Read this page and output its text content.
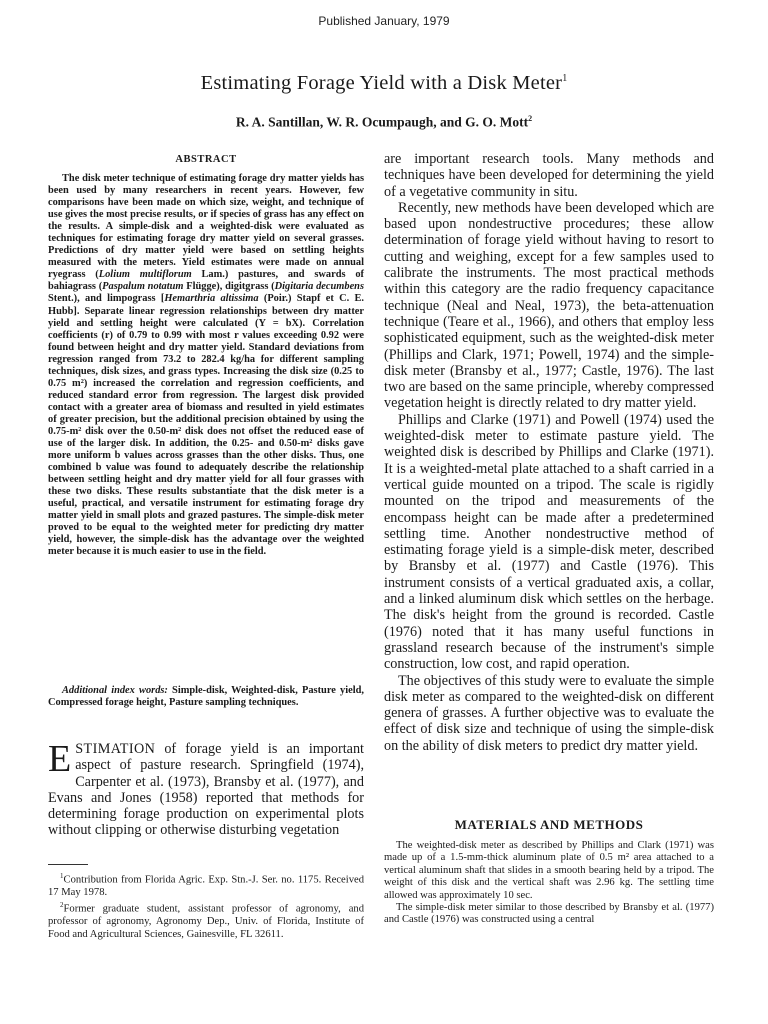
Published January, 1979
Estimating Forage Yield with a Disk Meter$^1$
R. A. Santillan, W. R. Ocumpaugh, and G. O. Mott$^2$
ABSTRACT
The disk meter technique of estimating forage dry matter yields has been used by many researchers in recent years. However, few comparisons have been made on which size, weight, and technique of use gives the most precise results, or if species of grass has any effect on the results. A simple-disk and a weighted-disk were evaluated as techniques for estimating forage dry matter yield on several grasses. Predictions of dry matter yield were based on settling heights measured with the meters. Yield estimates were made on annual ryegrass (Lolium multiflorum Lam.) pastures, and swards of bahiagrass (Paspalum notatum Flügge), digitgrass (Digitaria decumbens Stent.), and limpograss [Hemarthria altissima (Poir.) Stapf et C. E. Hubb]. Separate linear regression relationships between dry matter yield and settling height were calculated (Y = bX). Correlation coefficients (r) of 0.79 to 0.99 with most r values exceeding 0.92 were found between height and dry matter yield. Standard deviations from regression ranged from 73.2 to 282.4 kg/ha for different sampling techniques, disk sizes, and grass types. Increasing the disk size (0.25 to 0.75 m²) increased the correlation and regression coefficients, and reduced standard error from regression. The largest disk provided contact with a greater area of biomass and resulted in yield estimates of greater precision, but the additional precision obtained by using the 0.75-m² disk over the 0.50-m² disk does not offset the reduced ease of use of the larger disk. In addition, the 0.25- and 0.50-m² disks gave more uniform b values across grasses than the other disks. Thus, one combined b value was found to adequately describe the relationship between settling height and dry matter yield for all four grasses with these two disks. These results substantiate that the disk meter is a useful, practical, and versatile instrument for estimating forage dry matter yield in small plots and grazed pastures. The simple-disk meter proved to be equal to the weighted meter for predicting dry matter yield, however, the simple-disk has the advantage over the weighted meter because it is much easier to use in the field.
Additional index words: Simple-disk, Weighted-disk, Pasture yield, Compressed forage height, Pasture sampling techniques.
ESTIMATION of forage yield is an important aspect of pasture research. Springfield (1974), Carpenter et al. (1973), Bransby et al. (1977), and Evans and Jones (1958) reported that methods for determining forage production on experimental plots without clipping or otherwise disturbing vegetation

$^1$Contribution from Florida Agric. Exp. Stn.-J. Ser. no. 1175. Received 17 May 1978.

$^2$Former graduate student, assistant professor of agronomy, and professor of agronomy, Agronomy Dep., Univ. of Florida, Institute of Food and Agricultural Sciences, Gainesville, FL 32611.

are important research tools. Many methods and techniques have been developed for determining the yield of a vegetative community in situ.

Recently, new methods have been developed which are based upon nondestructive procedures; these allow determination of forage yield without having to resort to cutting and weighing, except for a few samples used to calibrate the instruments. The most practical methods within this category are the radio frequency capacitance technique (Neal and Neal, 1973), the beta-attenuation technique (Teare et al., 1966), and others that employ less sophisticated equipment, such as the weighted-disk meter (Phillips and Clark, 1971; Powell, 1974) and the simple-disk meter (Bransby et al., 1977; Castle, 1976). The last two are based on the same principle, whereby compressed vegetation height is directly related to dry matter yield.

Phillips and Clarke (1971) and Powell (1974) used the weighted-disk meter to estimate pasture yield. The weighted disk is described by Phillips and Clarke (1971). It is a weighted-metal plate attached to a shaft carried in a vertical guide mounted on a tripod. The scale is rigidly mounted on the tripod and measurements of the encompass height can be made after a predetermined settling time. Another nondestructive method of estimating forage yield is a simple-disk meter, described by Bransby et al. (1977) and Castle (1976). This instrument consists of a vertical graduated axis, a collar, and a linked aluminum disk which settles on the herbage. The disk's height from the ground is recorded. Castle (1976) noted that it has many useful functions in grassland research because of the instrument's simple construction, low cost, and rapid operation.

The objectives of this study were to evaluate the simple disk meter as compared to the weighted-disk on different genera of grasses. A further objective was to evaluate the effect of disk size and technique of using the simple-disk on the ability of disk meters to predict dry matter yield.

MATERIALS AND METHODS

The weighted-disk meter as described by Phillips and Clark (1971) was made up of a 1.5-mm-thick aluminum plate of 0.5 m² area attached to a vertical aluminum shaft that slides in a smooth bearing held by a tripod. The weight of this disk and the vertical shaft was 2.96 kg. The settling time allowed was approximately 10 sec.

The simple-disk meter similar to those described by Bransby et al. (1977) and Castle (1976) was constructed using a central
